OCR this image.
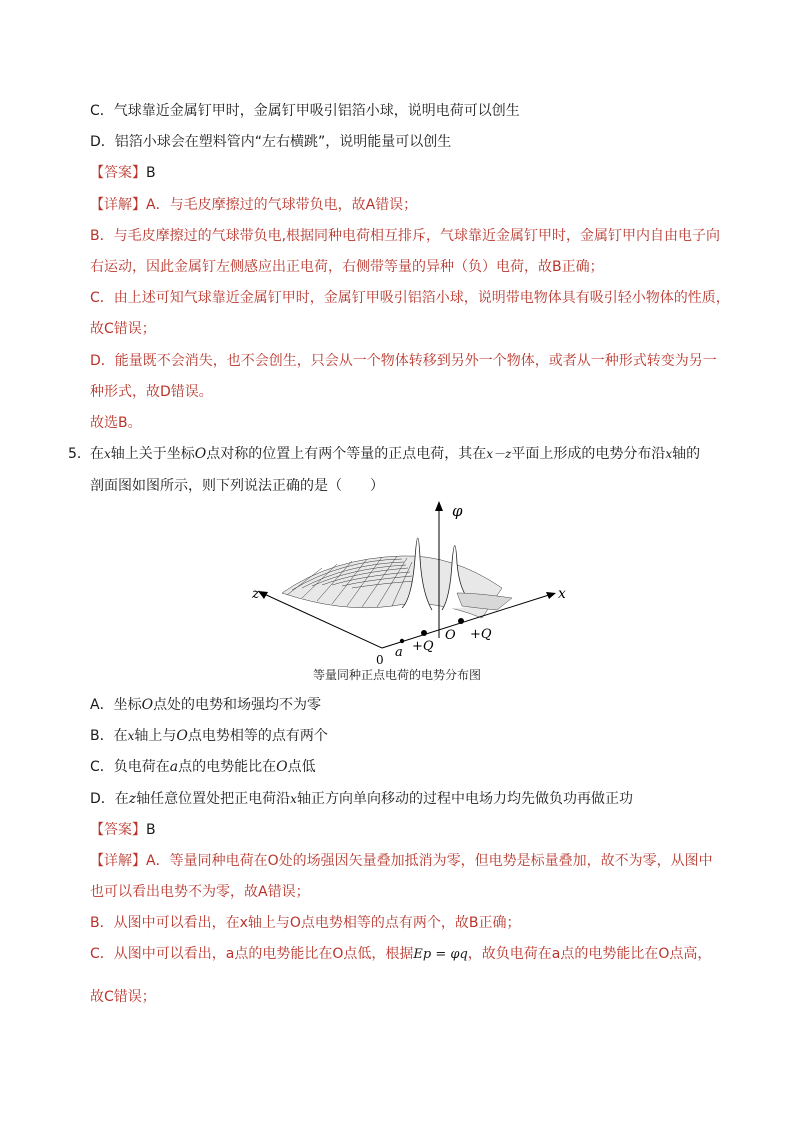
C．气球靠近金属钉甲时，金属钉甲吸引铝箔小球，说明电荷可以创生
D．铝箔小球会在塑料管内“左右横跳”，说明能量可以创生
【答案】B
【详解】A．与毛皮摩擦过的气球带负电，故A错误；
B．与毛皮摩擦过的气球带负电,根据同种电荷相互排斥，气球靠近金属钉甲时，金属钉甲内自由电子向
右运动，因此金属钉左侧感应出正电荷，右侧带等量的异种（负）电荷，故B正确；
C．由上述可知气球靠近金属钉甲时，金属钉甲吸引铝箔小球，说明带电物体具有吸引轻小物体的性质，
故C错误；
D．能量既不会消失，也不会创生，只会从一个物体转移到另外一个物体，或者从一种形式转变为另一
种形式，故D错误。
故选B。
5． 在x轴上关于坐标O点对称的位置上有两个等量的正点电荷，其在x－z平面上形成的电势分布沿x轴的
剖面图如图所示，则下列说法正确的是（　　）
φ
z	x
a +Q
O +Q
0
等量同种正点电荷的电势分布图
A．坐标O点处的电势和场强均不为零
B．在x轴上与O点电势相等的点有两个
C．负电荷在a点的电势能比在O点低
D．在z轴任意位置处把正电荷沿x轴正方向单向移动的过程中电场力均先做负功再做正功
【答案】B
【详解】A．等量同种电荷在O处的场强因矢量叠加抵消为零，但电势是标量叠加，故不为零，从图中
也可以看出电势不为零，故A错误；
B．从图中可以看出，在x轴上与O点电势相等的点有两个，故B正确；
C．从图中可以看出，a点的电势能比在O点低，根据Ep = φq，故负电荷在a点的电势能比在O点高，
故C错误；
